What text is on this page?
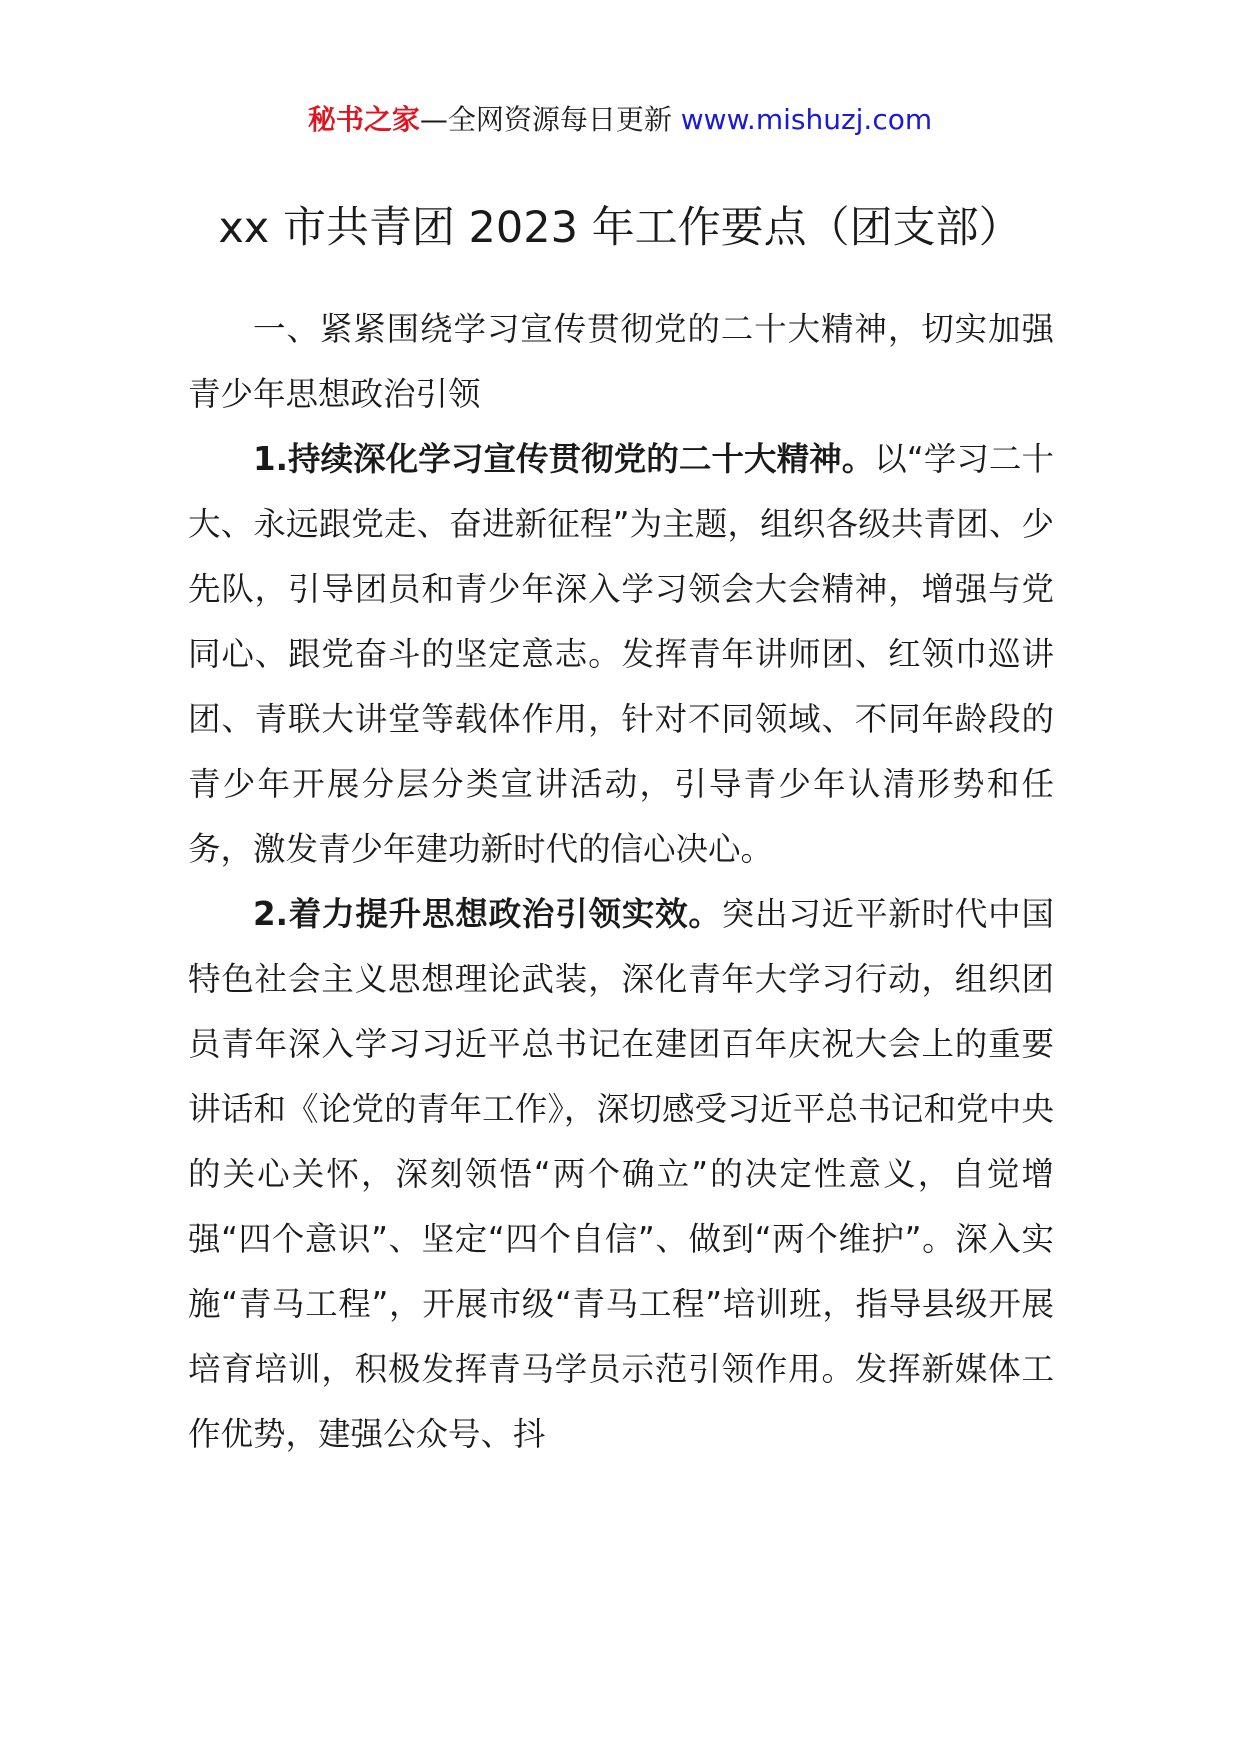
秘书之家—全网资源每日更新 www.mishuzj.com
xx 市共青团 2023 年工作要点（团支部）

一、紧紧围绕学习宣传贯彻党的二十大精神，切实加强青少年思想政治引领

1.持续深化学习宣传贯彻党的二十大精神。以“学习二十大、永远跟党走、奋进新征程”为主题，组织各级共青团、少先队，引导团员和青少年深入学习领会大会精神，增强与党同心、跟党奋斗的坚定意志。发挥青年讲师团、红领巾巡讲团、青联大讲堂等载体作用，针对不同领域、不同年龄段的青少年开展分层分类宣讲活动，引导青少年认清形势和任务，激发青少年建功新时代的信心决心。

2.着力提升思想政治引领实效。突出习近平新时代中国特色社会主义思想理论武装，深化青年大学习行动，组织团员青年深入学习习近平总书记在建团百年庆祝大会上的重要讲话和《论党的青年工作》，深切感受习近平总书记和党中央的关心关怀，深刻领悟“两个确立”的决定性意义，自觉增强“四个意识”、坚定“四个自信”、做到“两个维护”。深入实施“青马工程”，开展市级“青马工程”培训班，指导县级开展培育培训，积极发挥青马学员示范引领作用。发挥新媒体工作优势，建强公众号、抖
